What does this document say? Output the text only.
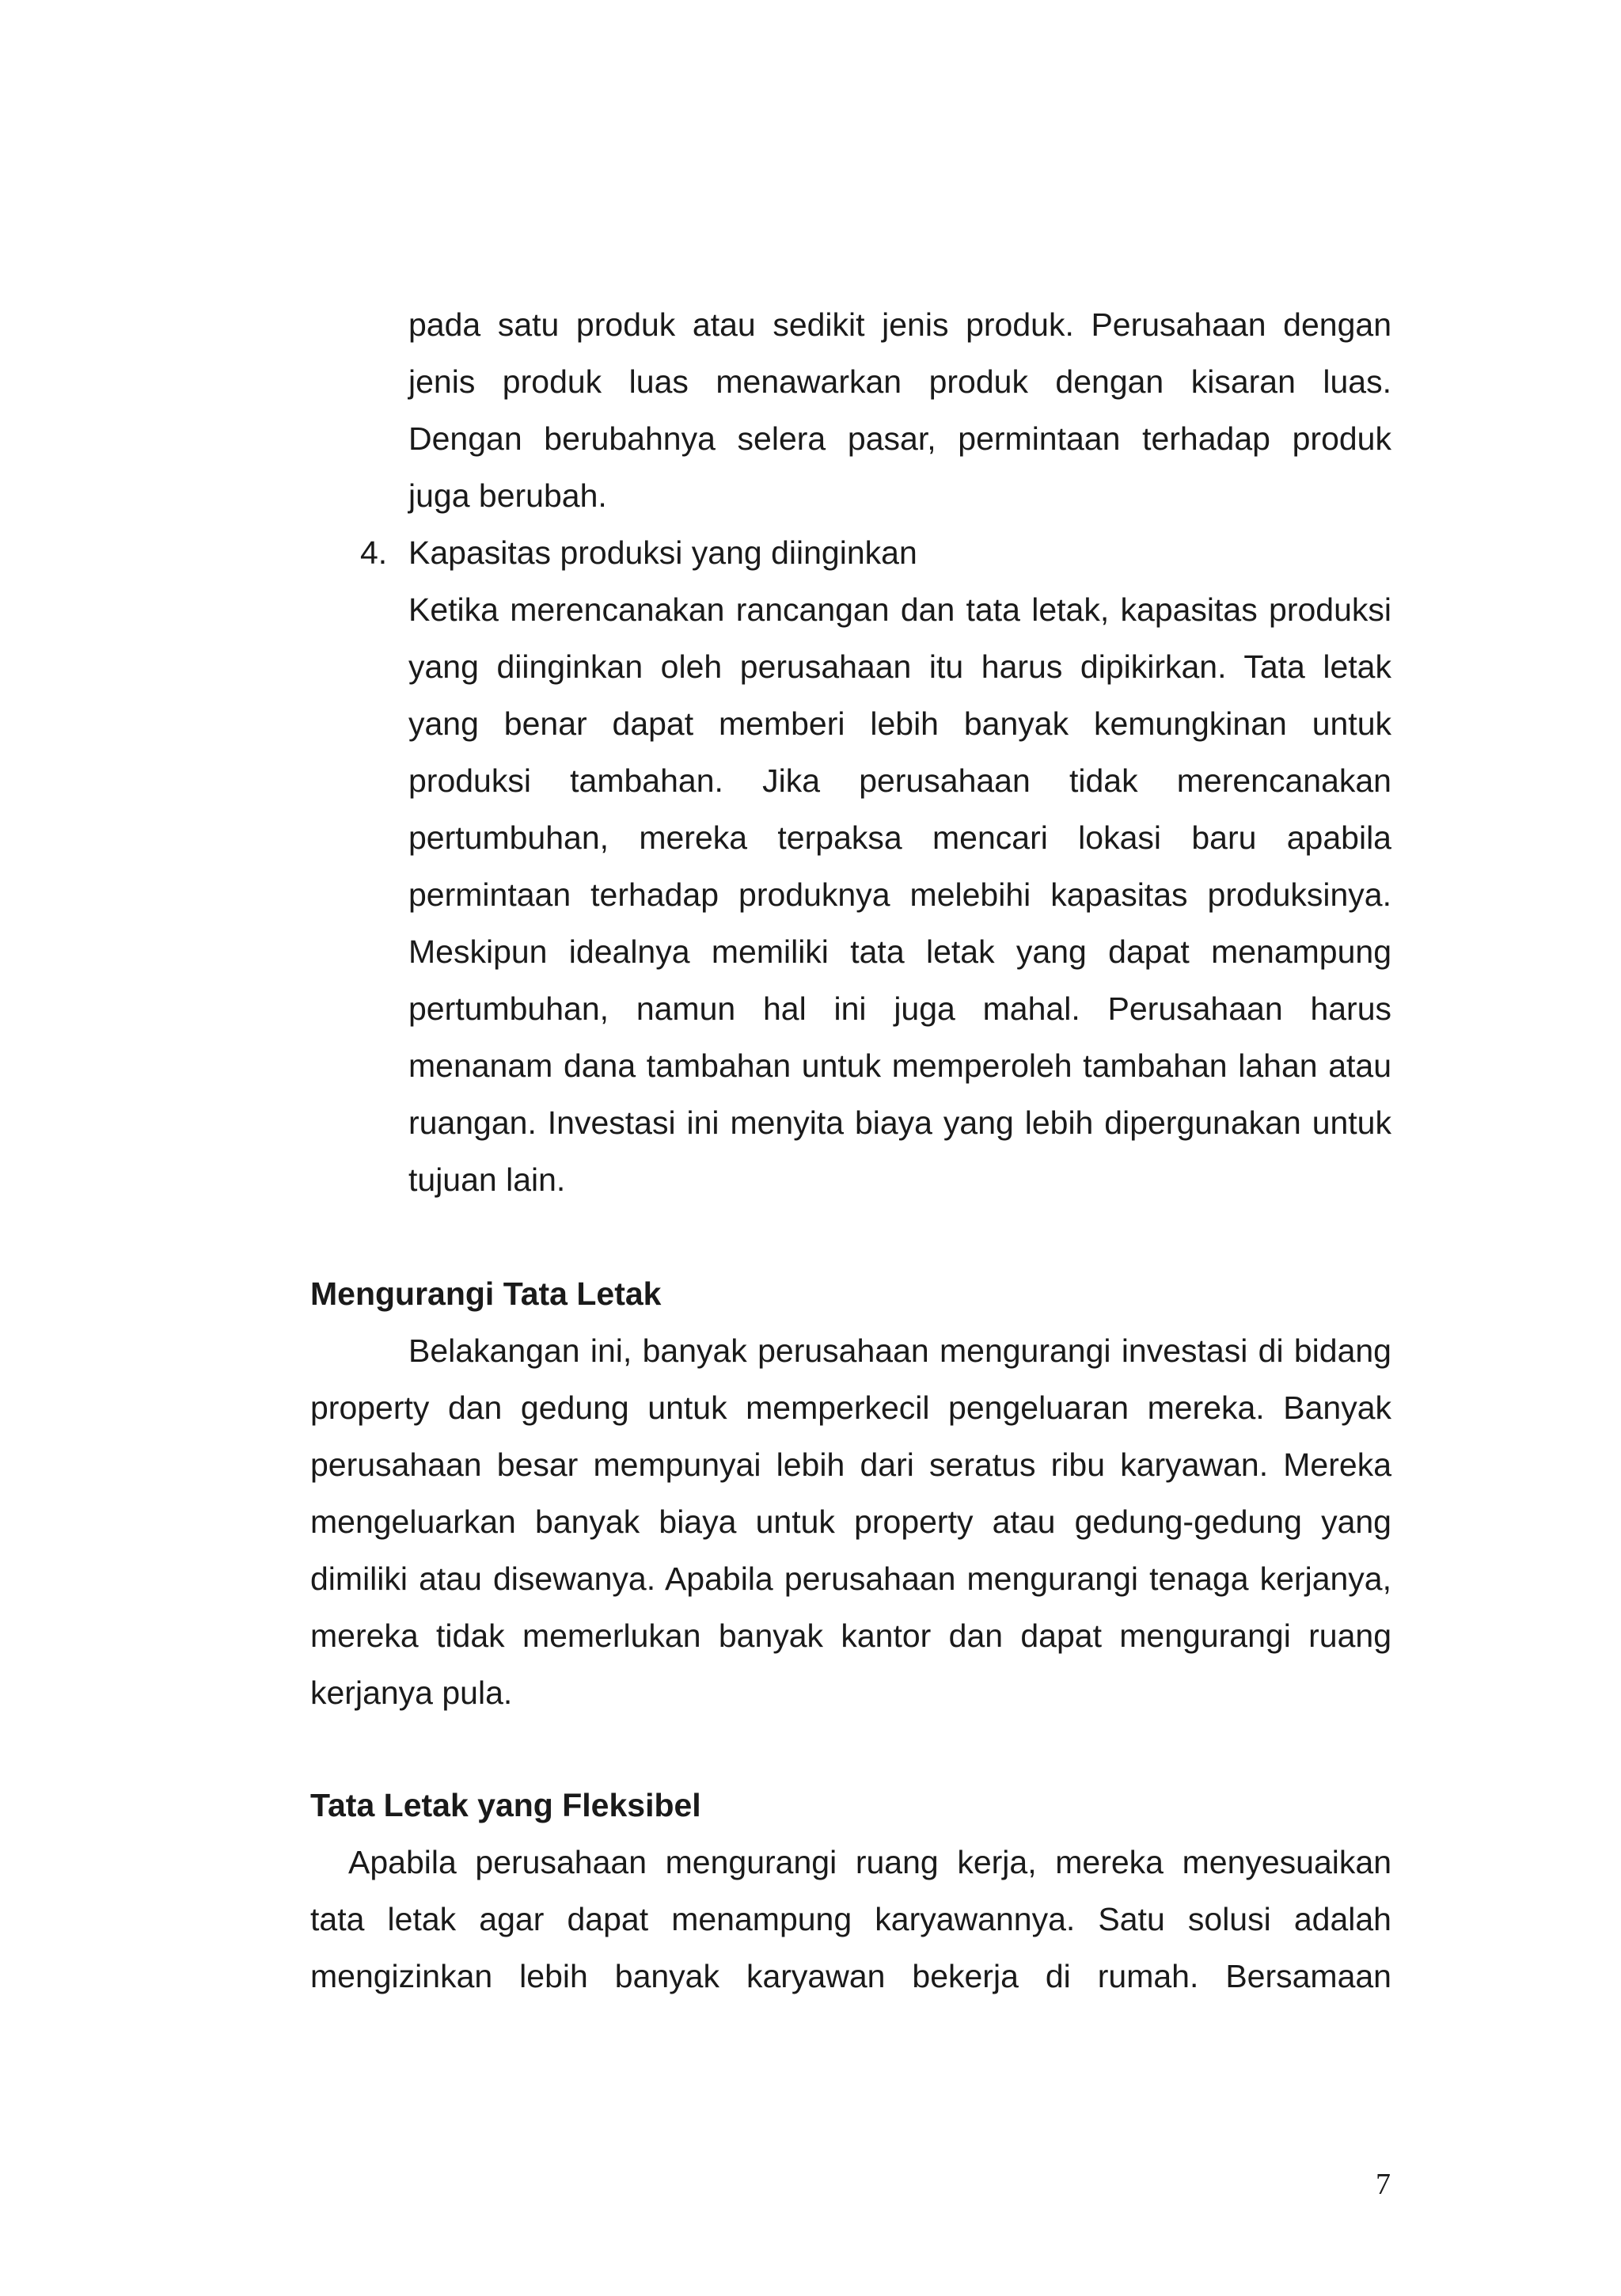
pada satu produk atau sedikit jenis produk. Perusahaan dengan
jenis produk luas menawarkan produk dengan kisaran luas.
Dengan berubahnya selera pasar, permintaan terhadap produk
juga berubah.
4. Kapasitas produksi yang diinginkan
Ketika merencanakan rancangan dan tata letak, kapasitas produksi
yang diinginkan oleh perusahaan itu harus dipikirkan. Tata letak
yang benar dapat memberi lebih banyak kemungkinan untuk
produksi tambahan. Jika perusahaan tidak merencanakan
pertumbuhan, mereka terpaksa mencari lokasi baru apabila
permintaan terhadap produknya melebihi kapasitas produksinya.
Meskipun idealnya memiliki tata letak yang dapat menampung
pertumbuhan, namun hal ini juga mahal. Perusahaan harus
menanam dana tambahan untuk memperoleh tambahan lahan atau
ruangan. Investasi ini menyita biaya yang lebih dipergunakan untuk
tujuan lain.
Mengurangi Tata Letak
Belakangan ini, banyak perusahaan mengurangi investasi di bidang
property dan gedung untuk memperkecil pengeluaran mereka. Banyak
perusahaan besar mempunyai lebih dari seratus ribu karyawan. Mereka
mengeluarkan banyak biaya untuk property atau gedung-gedung yang
dimiliki atau disewanya. Apabila perusahaan mengurangi tenaga kerjanya,
mereka tidak memerlukan banyak kantor dan dapat mengurangi ruang
kerjanya pula.
Tata Letak yang Fleksibel
Apabila perusahaan mengurangi ruang kerja, mereka menyesuaikan
tata letak agar dapat menampung karyawannya. Satu solusi adalah
mengizinkan lebih banyak karyawan bekerja di rumah. Bersamaan
7
